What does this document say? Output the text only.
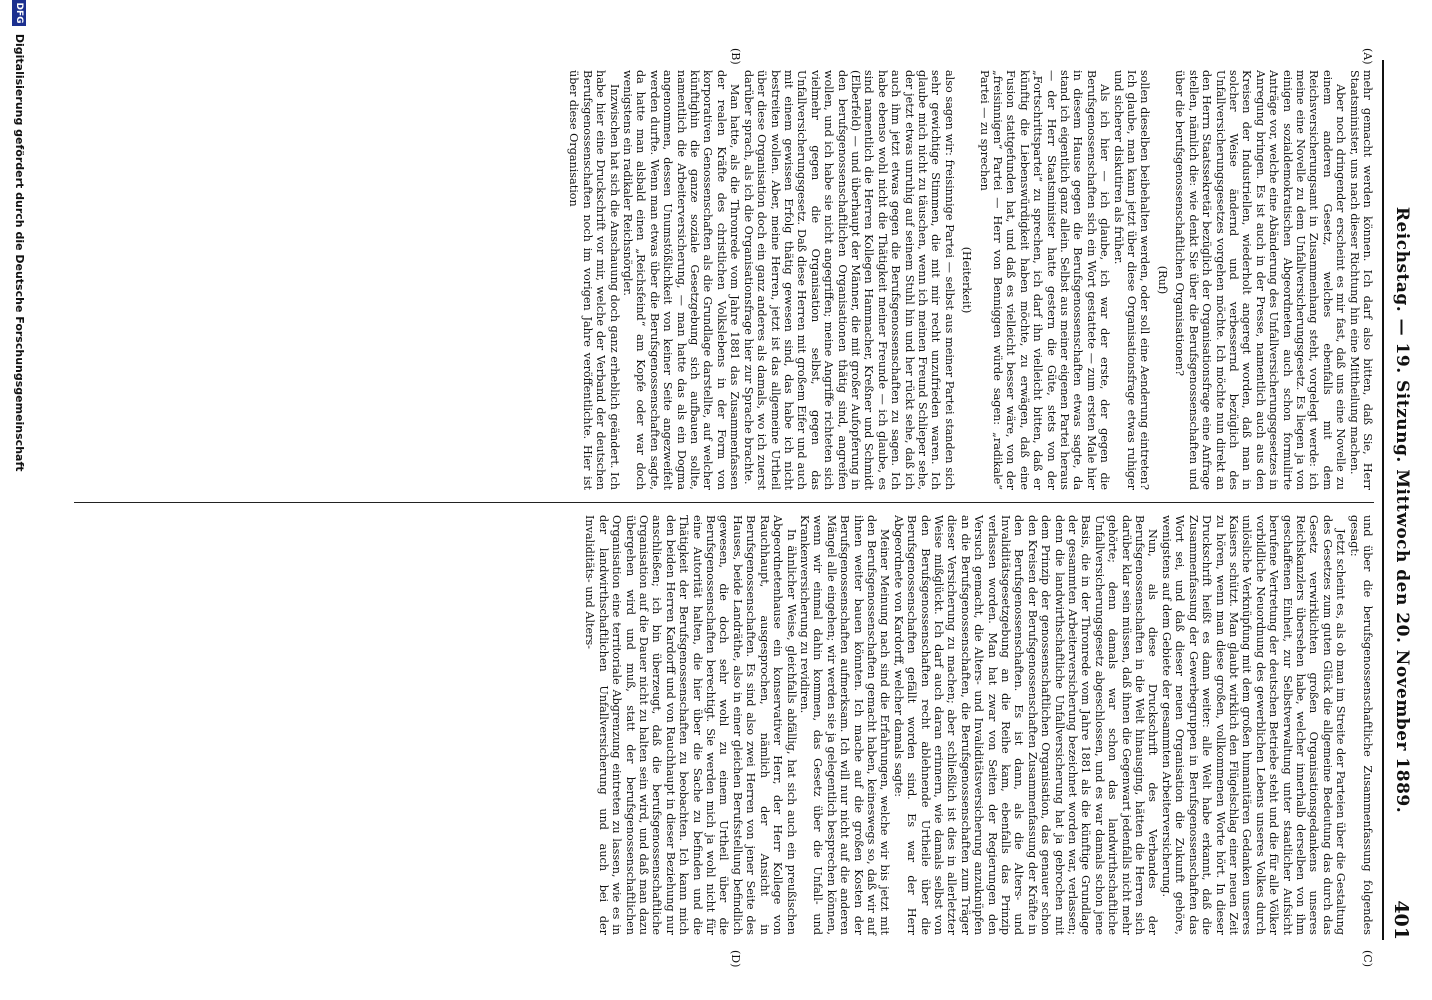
Reichstag. — 19. Sitzung. Mittwoch den 20. November 1889.
401
(A)
(B)
(C)
(D)

mehr gemacht werden können. Ich darf also bitten, daß Sie, Herr Staatsminister, uns nach dieser Richtung hin eine Mittheilung machen.

Aber noch dringender erscheint es mir fast, daß uns eine Novelle zu einem anderen Gesetz, welches ebenfalls mit dem Reichsversicherungsamt in Zusammenhang steht, vorgelegt werde: ich meine eine Novelle zu dem Unfallversicherungsgesetz. Es liegen ja von einigen sozialdemokratischen Abgeordneten auch schon formulirte Anträge vor, welche eine Abänderung des Unfallversicherungsgesetzes in Anregung bringen. Es ist auch in der Presse, namentlich auch aus den Kreisen der Industriellen, wiederholt angeregt worden, daß man in solcher Weise ändernd und verbessernd bezüglich des Unfallversicherungsgesetzes vorgehen möchte. Ich möchte nun direkt an den Herrn Staatssekretär bezüglich der Organisationsfrage eine Anfrage stellen, nämlich die: wie denkt Sie über die Berufsgenossenschaften und über die berufsgenossenschaftlichen Organisationen?

(Ruf)

sollen dieselben beibehalten werden, oder soll eine Aenderung eintreten? Ich glaube, man kann jetzt über diese Organisationsfrage etwas ruhiger und sicherer diskutiren als früher.

Als ich hier — ich glaube, ich war der erste, der gegen die Berufsgenossenschaften sich ein Wort gestattete — zum ersten Male hier in diesem Hause gegen die Berufsgenossenschaften etwas sagte, da stand ich eigentlich ganz allein. Selbst aus meiner eigenen Partei heraus — der Herr Staatsminister hatte gestern die Güte, stets von der „Fortschrittspartei“ zu sprechen, ich darf ihn vielleicht bitten, daß er künftig die Liebenswürdigkeit haben möchte, zu erwägen, daß eine Fusion stattgefunden hat, und daß es vielleicht besser wäre, von der „freisinnigen“ Partei — Herr von Benniggen würde sagen: „radikale“ Partei — zu sprechen

(Heiterkeit)

also sagen wir: freisinnige Partei — selbst aus meiner Partei standen sich sehr gewichtige Stimmen, die mit mir recht unzufrieden waren. Ich glaube mich nicht zu täuschen, wenn ich meinen Freund Schlieper sehe, der jetzt etwas unruhig auf seinem Stuhl hin und her rückt sehe, daß ich auch ihm jetzt etwas gegen die Berufsgenossenschaften zu sagen. Ich habe ebenso wohl nicht die Thätigkeit meiner Freunde — ich glaube, es sind namentlich die Herren Kollegen Hammacher, Kreßner und Schmidt (Elberfeld) — und überhaupt der Männer, die mit großer Aufopferung in den berufsgenossenschaftlichen Organisationen thätig sind, angreifen wollen, und ich habe sie nicht angegriffen; meine Angriffe richteten sich vielmehr gegen die Organisation selbst, gegen das Unfallversicherungsgesetz. Daß diese Herren mit großem Eifer und auch mit einem gewissen Erfolg thätig gewesen sind, das habe ich nicht bestreiten wollen. Aber, meine Herren, jetzt ist das allgemeine Urtheil über diese Organisation doch ein ganz anderes als damals, wo ich zuerst darüber sprach, als ich die Organisationsfrage hier zur Sprache brachte.

Man hatte, als die Thronrede vom Jahre 1881 das Zusammenfassen der realen Kräfte des christlichen Volkslebens in der Form von korporativen Genossenschaften als die Grundlage darstellte, auf welcher künftighin die ganze soziale Gesetzgebung sich aufbauen sollte, namentlich die Arbeiterversicherung, — man hatte das als ein Dogma angenommen, dessen Unumstößlichkeit von keiner Seite angezweifelt werden durfte. Wenn man etwas über die Berufsgenossenschaften sagte, da hatte man alsbald einen „Reichsfeind“ am Kopfe oder war doch wenigstens ein radikaler Reichsnörgler.

Inzwischen hat sich die Anschauung doch ganz erheblich geändert. Ich habe hier eine Druckschrift vor mir, welche der Verband der deutschen Berufsgenossenschaften noch im vorigen Jahre veröffentlichte. Hier ist über diese Organisation

und über die berufsgenossenschaftliche Zusammenfassung folgendes gesagt:

Jetzt scheint es, als ob man im Streite der Parteien über die Gestaltung des Gesetzes zum guten Glück die allgemeine Bedeutung das durch das Gesetz verwirklichten großen Organisationsgedankens unseres Reichskanzlers übersehen habe, welcher innerhalb derselben von ihm geschaffenen Einheit, zur Selbstverwaltung unter staatlicher Aufsicht berufene Vertretung der deutschen Betriebe steht und die für alle Völker vorbildliche Neuordnung des gewerblichen Lebens unseres Volkes durch unlösliche Verknüpfung mit dem großen humanitären Gedanken unseres Kaisers schützt. Man glaubt wirklich den Flügelschlag einer neuen Zeit zu hören, wenn man diese großen, vollkommenen Worte hört. In dieser Druckschrift heißt es dann weiter: alle Welt habe erkannt, daß die Zusammenfassung der Gewerbegruppen in Berufsgenossenschaften das Wort sei, und daß dieser neuen Organisation die Zukunft gehöre, wenigstens auf dem Gebiete der gesammten Arbeiterversicherung.

Nun, als diese Druckschrift des Verbandes der Berufsgenossenschaften in die Welt hinausging, hätten die Herren sich darüber klar sein müssen, daß ihnen die Gegenwart jedenfalls nicht mehr gehörte; denn damals war schon das landwirthschaftliche Unfallversicherungsgesetz abgeschlossen, und es war damals schon jene Basis, die in der Thronrede vom Jahre 1881 als die künftige Grundlage der gesammten Arbeiterversicherung bezeichnet worden war, verlassen; denn die landwirthschaftliche Unfallversicherung hat ja gebrochen mit dem Prinzip der genossenschaftlichen Organisation, das genauer schon den Kreisen der Berufsgenossenschaften Zusammenfassung der Kräfte in den Berufsgenossenschaften. Es ist dann, als die Alters- und Invaliditätsgesetzgebung an die Reihe kam, ebenfalls das Prinzip verlassen worden. Man hat zwar von Seiten der Regierungen den Versuch gemacht, die Alters- und Invaliditätsversicherung anzuknüpfen an die Berufsgenossenschaften, die Berufsgenossenschaften zum Träger dieser Versicherung zu machen; aber schließlich ist dies in allerletzter Weise mißglückt. Ich darf auch daran erinnern, wie damals selbst von den Berufsgenossenschaften recht ablehnende Urtheile über die Berufsgenossenschaften gefällt worden sind. Es war der Herr Abgeordnete von Kardorff, welcher damals sagte:

Meiner Meinung nach sind die Erfahrungen, welche wir bis jetzt mit den Berufsgenossenschaften gemacht haben, keineswegs so, daß wir auf ihnen weiter bauen könnten. Ich mache auf die großen Kosten der Berufsgenossenschaften aufmerksam. Ich will nur nicht auf die anderen Mängel alle eingehen; wir werden sie ja gelegentlich besprechen können, wenn wir einmal dahin kommen, das Gesetz über die Unfall- und Krankenversicherung zu revidiren.

In ähnlicher Weise, gleichfalls abfällig, hat sich auch ein preußischen Abgeordnetenhause ein konservativer Herr, der Herr Kollege von Rauchhaupt, ausgesprochen, nämlich der Ansicht in Berufsgenossenschaften. Es sind also zwei Herren von jener Seite des Hauses, beide Landräthe, also in einer gleichen Berufsstellung befindlich gewesen, die doch sehr wohl zu einem Urtheil über die Berufsgenossenschaften berechtigt. Sie werden mich ja wohl nicht für eine Autorität halten, die hier über die Sache zu befinden und die Thätigkeit der Berufsgenossenschaften zu beobachten. Ich kann mich den beiden Herren Kardorff und von Rauchhaupt in dieser Beziehung nur anschließen; ich bin überzeugt, daß die berufsgenossenschaftliche Organisation auf die Dauer nicht zu halten sein wird, und daß man dazu übergehen wird und muß, statt der berufsgenossenschaftlichen Organisation eine territoriale Abgrenzung eintreten zu lassen, wie es in der landwirthschaftlichen Unfallversicherung und auch bei der Invaliditäts- und Alters-

DFG Digitalisierung gefördert durch die Deutsche Forschungsgemeinschaft
